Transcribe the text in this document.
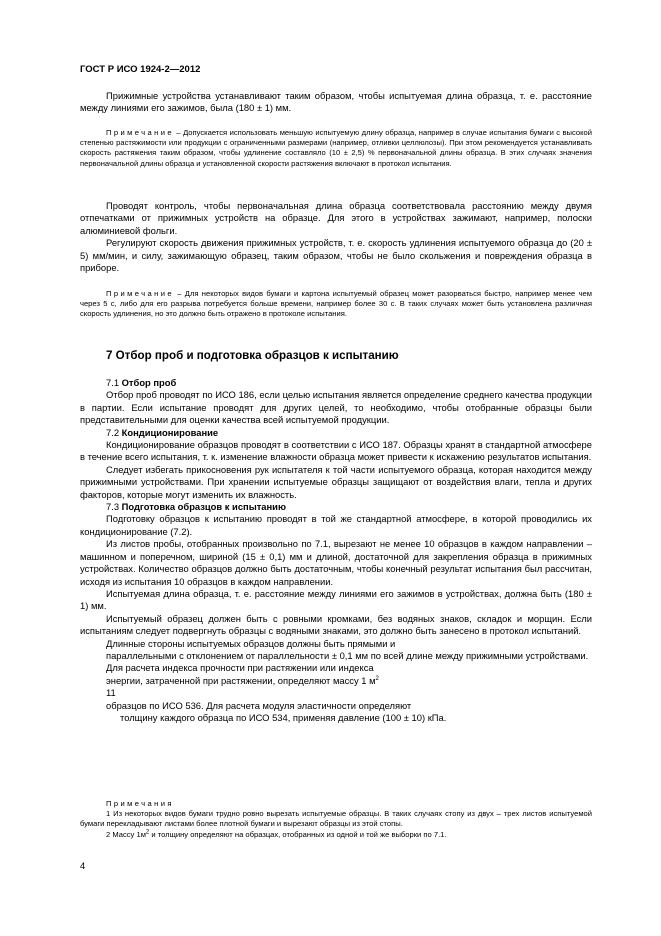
ГОСТ Р ИСО 1924-2—2012

Прижимные устройства устанавливают таким образом, чтобы испытуемая длина образца, т. е. расстояние между линиями его зажимов, была (180 ± 1) мм.

Примечание – Допускается использовать меньшую испытуемую длину образца, например в случае испытания бумаги с высокой степенью растяжимости или продукции с ограниченными размерами (например, отливки целлюлозы). При этом рекомендуется устанавливать скорость растяжения таким образом, чтобы удлинение составляло (10 ± 2,5) % первоначальной длины образца. В этих случаях значения первоначальной длины образца и установленной скорости растяжения включают в протокол испытания.

Проводят контроль, чтобы первоначальная длина образца соответствовала расстоянию между двумя отпечатками от прижимных устройств на образце. Для этого в устройствах зажимают, например, полоски алюминиевой фольги.

Регулируют скорость движения прижимных устройств, т. е. скорость удлинения испытуемого образца до (20 ± 5) мм/мин, и силу, зажимающую образец, таким образом, чтобы не было скольжения и повреждения образца в приборе.

Примечание – Для некоторых видов бумаги и картона испытуемый образец может разорваться быстро, например менее чем через 5 с, либо для его разрыва потребуется больше времени, например более 30 с. В таких случаях может быть установлена различная скорость удлинения, но это должно быть отражено в протоколе испытания.

7 Отбор проб и подготовка образцов к испытанию

7.1 Отбор проб

Отбор проб проводят по ИСО 186, если целью испытания является определение среднего качества продукции в партии. Если испытание проводят для других целей, то необходимо, чтобы отобранные образцы были представительными для оценки качества всей испытуемой продукции.

7.2 Кондиционирование

Кондиционирование образцов проводят в соответствии с ИСО 187. Образцы хранят в стандартной атмосфере в течение всего испытания, т. к. изменение влажности образца может привести к искажению результатов испытания.

Следует избегать прикосновения рук испытателя к той части испытуемого образца, которая находится между прижимными устройствами. При хранении испытуемые образцы защищают от воздействия влаги, тепла и других факторов, которые могут изменить их влажность.

7.3 Подготовка образцов к испытанию

Подготовку образцов к испытанию проводят в той же стандартной атмосфере, в которой проводились их кондиционирование (7.2).

Из листов пробы, отобранных произвольно по 7.1, вырезают не менее 10 образцов в каждом направлении – машинном и поперечном, шириной (15 ± 0,1) мм и длиной, достаточной для закрепления образца в прижимных устройствах. Количество образцов должно быть достаточным, чтобы конечный результат испытания был рассчитан, исходя из испытания 10 образцов в каждом направлении.

Испытуемая длина образца, т. е. расстояние между линиями его зажимов в устройствах, должна быть (180 ± 1) мм.

Испытуемый образец должен быть с ровными кромками, без водяных знаков, складок и морщин. Если испытаниям следует подвергнуть образцы с водяными знаками, это должно быть занесено в протокол испытаний.

Длинные стороны испытуемых образцов должны быть прямыми и

параллельными с отклонением от параллельности ± 0,1 мм по всей длине между прижимными устройствами.

Для расчета индекса прочности при растяжении или индекса

энергии, затраченной при растяжении, определяют массу 1 $м^2$

11

образцов по ИСО 536. Для расчета модуля эластичности определяют

толщину каждого образца по ИСО 534, применяя давление (100 ± 10) кПа.

Примечания

1 Из некоторых видов бумаги трудно ровно вырезать испытуемые образцы. В таких случаях стопу из двух – трех листов испытуемой бумаги перекладывают листами более плотной бумаги и вырезают образцы из этой стопы.

2 Массу $1м^2$ и толщину определяют на образцах, отобранных из одной и той же выборки по 7.1.

4
